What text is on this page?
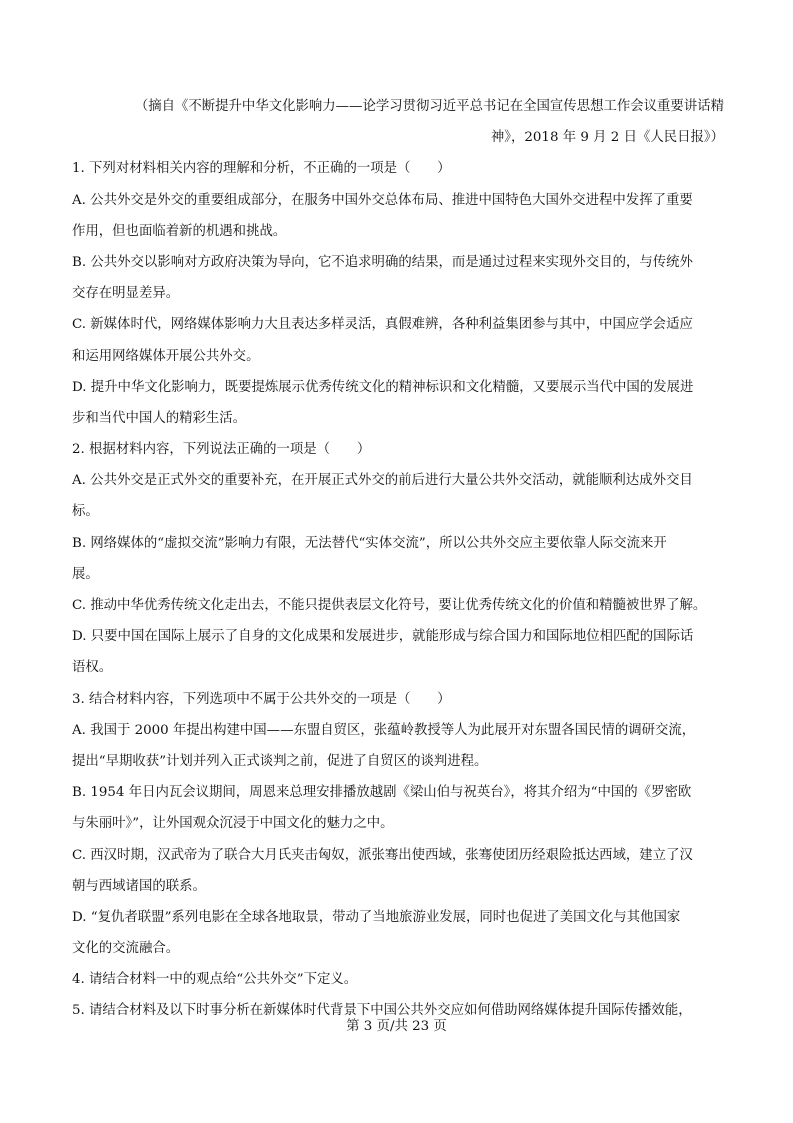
（摘自《不断提升中华文化影响力——论学习贯彻习近平总书记在全国宣传思想工作会议重要讲话精
神》，2018 年 9 月 2 日《人民日报》）
1. 下列对材料相关内容的理解和分析，不正确的一项是（　　）
A. 公共外交是外交的重要组成部分，在服务中国外交总体布局、推进中国特色大国外交进程中发挥了重要
作用，但也面临着新的机遇和挑战。
B. 公共外交以影响对方政府决策为导向，它不追求明确的结果，而是通过过程来实现外交目的，与传统外
交存在明显差异。
C. 新媒体时代，网络媒体影响力大且表达多样灵活，真假难辨，各种利益集团参与其中，中国应学会适应
和运用网络媒体开展公共外交。
D. 提升中华文化影响力，既要提炼展示优秀传统文化的精神标识和文化精髓，又要展示当代中国的发展进
步和当代中国人的精彩生活。
2. 根据材料内容，下列说法正确的一项是（　　）
A. 公共外交是正式外交的重要补充，在开展正式外交的前后进行大量公共外交活动，就能顺利达成外交目
标。
B. 网络媒体的“虚拟交流”影响力有限，无法替代“实体交流”，所以公共外交应主要依靠人际交流来开
展。
C. 推动中华优秀传统文化走出去，不能只提供表层文化符号，要让优秀传统文化的价值和精髓被世界了解。
D. 只要中国在国际上展示了自身的文化成果和发展进步，就能形成与综合国力和国际地位相匹配的国际话
语权。
3. 结合材料内容，下列选项中不属于公共外交的一项是（　　）
A. 我国于 2000 年提出构建中国——东盟自贸区，张蕴岭教授等人为此展开对东盟各国民情的调研交流，
提出“早期收获”计划并列入正式谈判之前，促进了自贸区的谈判进程。
B. 1954 年日内瓦会议期间，周恩来总理安排播放越剧《梁山伯与祝英台》，将其介绍为“中国的《罗密欧
与朱丽叶》”，让外国观众沉浸于中国文化的魅力之中。
C. 西汉时期，汉武帝为了联合大月氏夹击匈奴，派张骞出使西域，张骞使团历经艰险抵达西域，建立了汉
朝与西域诸国的联系。
D. “复仇者联盟”系列电影在全球各地取景，带动了当地旅游业发展，同时也促进了美国文化与其他国家
文化的交流融合。
4. 请结合材料一中的观点给“公共外交”下定义。
5. 请结合材料及以下时事分析在新媒体时代背景下中国公共外交应如何借助网络媒体提升国际传播效能，
第 3 页/共 23 页
